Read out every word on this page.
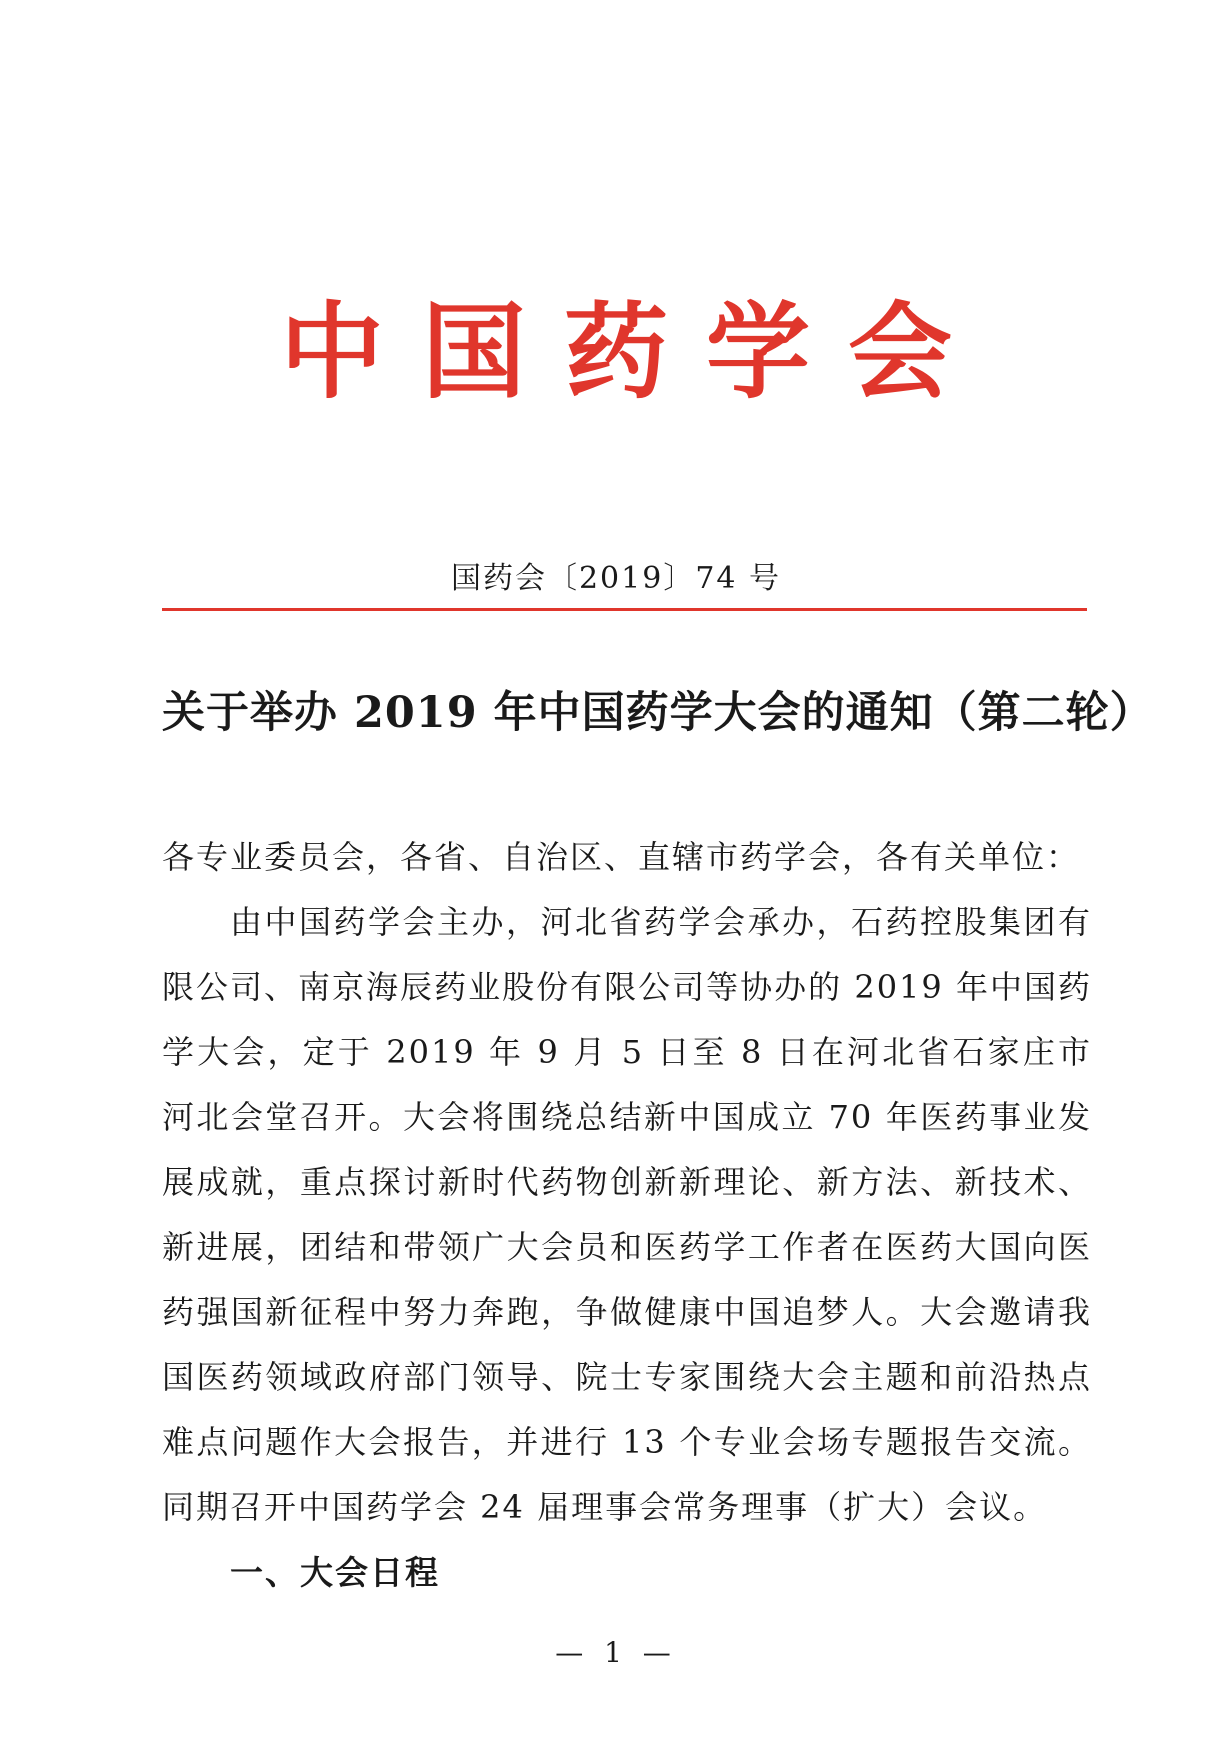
中国药学会
国药会〔2019〕74 号
关于举办 2019 年中国药学大会的通知（第二轮）

各专业委员会，各省、自治区、直辖市药学会，各有关单位：

由中国药学会主办，河北省药学会承办，石药控股集团有限公司、南京海辰药业股份有限公司等协办的 2019 年中国药学大会，定于 2019 年 9 月 5 日至 8 日在河北省石家庄市河北会堂召开。大会将围绕总结新中国成立 70 年医药事业发展成就，重点探讨新时代药物创新新理论、新方法、新技术、新进展，团结和带领广大会员和医药学工作者在医药大国向医药强国新征程中努力奔跑，争做健康中国追梦人。大会邀请我国医药领域政府部门领导、院士专家围绕大会主题和前沿热点难点问题作大会报告，并进行 13 个专业会场专题报告交流。同期召开中国药学会 24 届理事会常务理事（扩大）会议。

一、大会日程
— 1 —
